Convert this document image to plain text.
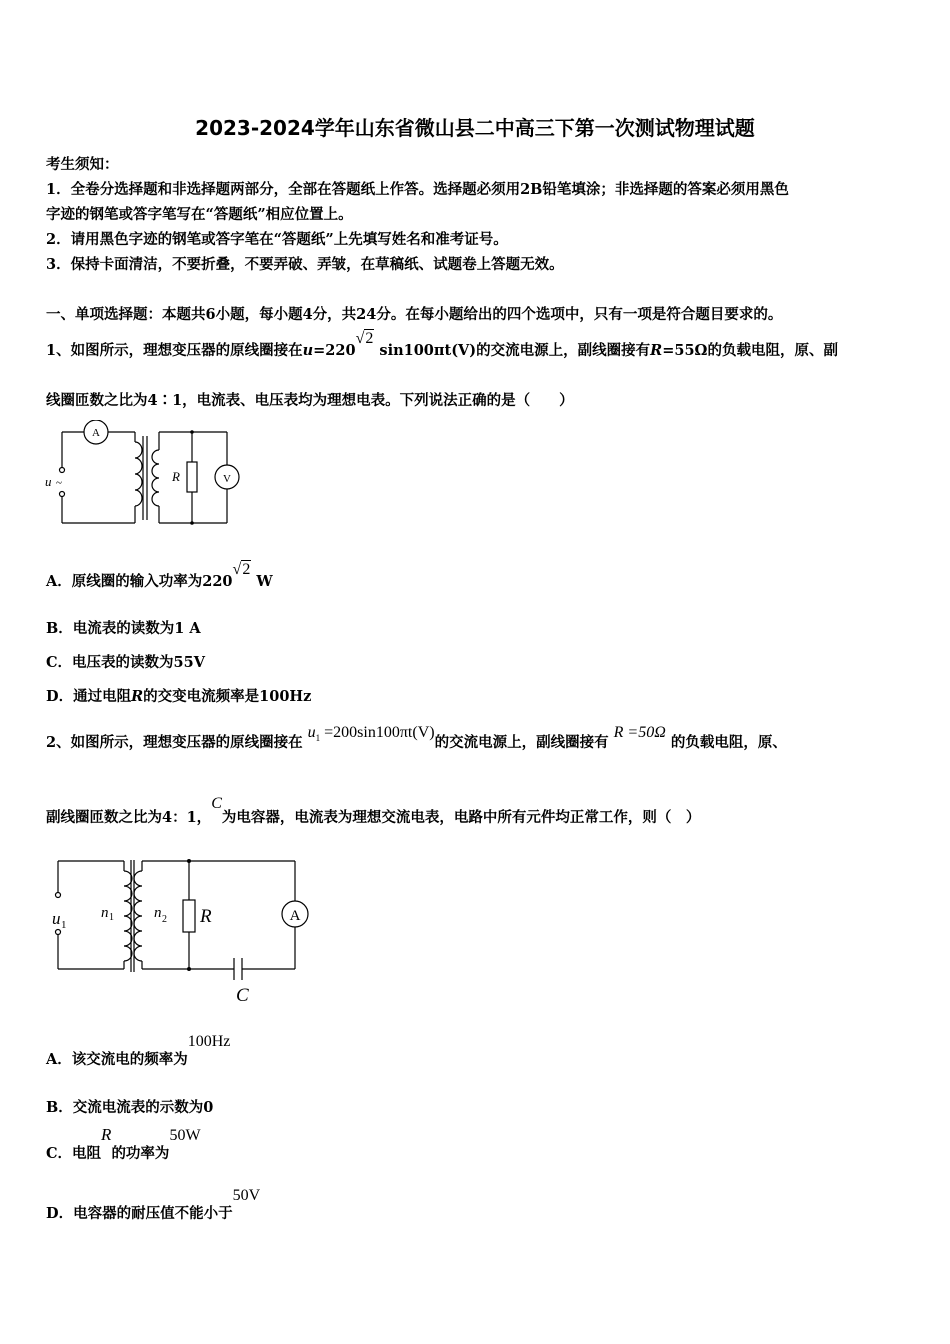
2023-2024学年山东省微山县二中高三下第一次测试物理试题
考生须知：
1．全卷分选择题和非选择题两部分，全部在答题纸上作答。选择题必须用2B铅笔填涂；非选择题的答案必须用黑色
字迹的钢笔或答字笔写在“答题纸”相应位置上。
2．请用黑色字迹的钢笔或答字笔在“答题纸”上先填写姓名和准考证号。
3．保持卡面清洁，不要折叠，不要弄破、弄皱，在草稿纸、试题卷上答题无效。
一、单项选择题：本题共6小题，每小题4分，共24分。在每小题给出的四个选项中，只有一项是符合题目要求的。
1、如图所示，理想变压器的原线圈接在u=220√2 sin100πt(V)的交流电源上，副线圈接有R=55Ω的负载电阻，原、副
线圈匝数之比为4∶1，电流表、电压表均为理想电表。下列说法正确的是（　　）
A
V
R
u ~
A．原线圈的输入功率为220√2 W
B．电流表的读数为1 A
C．电压表的读数为55V
D．通过电阻R的交变电流频率是100Hz
2、如图所示，理想变压器的原线圈接在 $u_1 =200\sin 100\pi t(V)$的交流电源上，副线圈接有 R =50Ω 的负载电阻，原、
副线圈匝数之比为4：1，C为电容器，电流表为理想交流电表，电路中所有元件均正常工作，则（　）
u 1
n 1	n 2 R	A
C
A．该交流电的频率为100Hz
B．交流电流表的示数为0
C．电阻R的功率为50W
D．电容器的耐压值不能小于50V
